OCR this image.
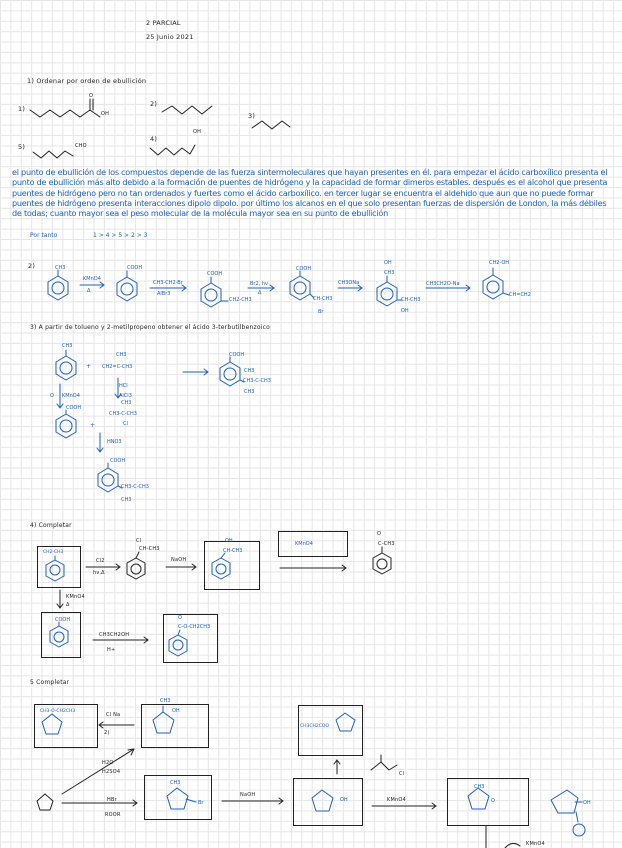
2 PARCIAL
25 Junio 2021
1) Ordenar por orden de ebullición
1)
2)
3)
4)
5)
O
OH
OH
CHO
el punto de ebullición de los compuestos depende de las fuerza sintermoleculares que hayan presentes en él. para empezar el ácido carboxílico presenta el punto de ebullición más alto debido a la formación de puentes de hidrógeno y la capacidad de formar dimeros estables. después es el alcohol que presenta puentes de hidrógeno pero no tan ordenados y fuertes como el ácido carboxílico. en tercer lugar se encuentra el aldehido que aun que no puede formar puentes de hidrógeno presenta interacciones dipolo dipolo. por último los alcanos en el que solo presentan fuerzas de dispersión de London, la más débiles de todas; cuanto mayor sea el peso molecular de la molécula mayor sea en su punto de ebullición
Por tanto	1 > 4 > 5 > 2 > 3
2)	CH3	COOH
KMnO4
Δ
CH3-CH2-Br
AlBr3
COOH
CH2-CH3
Br2, hν
Δ
COOH
CH-CH3
Br
CH3ONa
OH
CH3
CH-CH3
OH
CH3CH2O-Na
CH2-OH
CH=CH2
3) A partir de tolueno y 2-metilpropeno obtener el ácido 3-terbutilbenzoico
CH3
+
CH3
CH2=C-CH3
HCl
AlCl3
COOH
CH3-C-CH3
CH3
CH3
O KMnO4
COOH
+
CH3
CH3-C-CH3
Cl
HNO3
COOH
CH3-C-CH3
CH3
4) Completar
CH2-CH3
Cl2
hν,Δ
Cl
CH-CH3
NaOH
OH
CH-CH3
KMnO4
O
C-CH3
KMnO4
Δ
COOH
CH3CH2OH
H+
O
C-O-CH2CH3
5 Completar
CH3-O-CH2CH3
Cl Na
2)
CH3
OH
CH3CH2COO
Cl
H2O
H2SO4
HBr
ROOR
CH3
Br
NaOH
OH	KMnO4
CH3
O	OH
KMnO4
